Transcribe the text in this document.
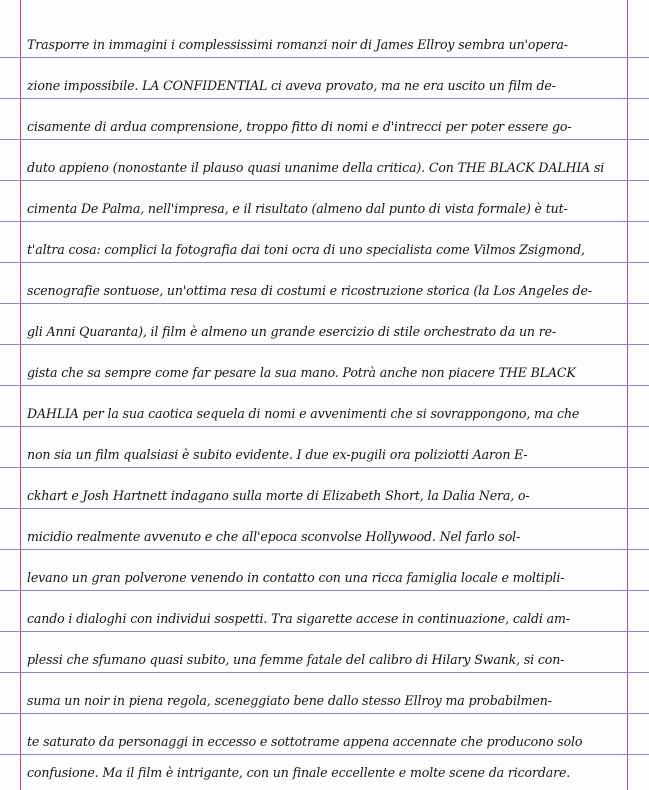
Trasporre in immagini i complessissimi romanzi noir di James Ellroy sembra un'opera-
zione impossibile. LA CONFIDENTIAL ci aveva provato, ma ne era uscito un film de-
cisamente di ardua comprensione, troppo fitto di nomi e d'intrecci per poter essere go-
duto appieno (nonostante il plauso quasi unanime della critica). Con THE BLACK DALHIA si
cimenta De Palma, nell'impresa, e il risultato (almeno dal punto di vista formale) è tut-
t'altra cosa: complici la fotografia dai toni ocra di uno specialista come Vilmos Zsigmond,
scenografie sontuose, un'ottima resa di costumi e ricostruzione storica (la Los Angeles de-
gli Anni Quaranta), il film è almeno un grande esercizio di stile orchestrato da un re-
gista che sa sempre come far pesare la sua mano. Potrà anche non piacere THE BLACK
DAHLIA per la sua caotica sequela di nomi e avvenimenti che si sovrappongono, ma che
non sia un film qualsiasi è subito evidente. I due ex-pugili ora poliziotti Aaron E-
ckhart e Josh Hartnett indagano sulla morte di Elizabeth Short, la Dalia Nera, o-
micidio realmente avvenuto e che all'epoca sconvolse Hollywood. Nel farlo sol-
levano un gran polverone venendo in contatto con una ricca famiglia locale e moltipli-
cando i dialoghi con individui sospetti. Tra sigarette accese in continuazione, caldi am-
plessi che sfumano quasi subito, una femme fatale del calibro di Hilary Swank, si con-
suma un noir in piena regola, sceneggiato bene dallo stesso Ellroy ma probabilmen-
te saturato da personaggi in eccesso e sottotrame appena accennate che producono solo
confusione. Ma il film è intrigante, con un finale eccellente e molte scene da ricordare.
